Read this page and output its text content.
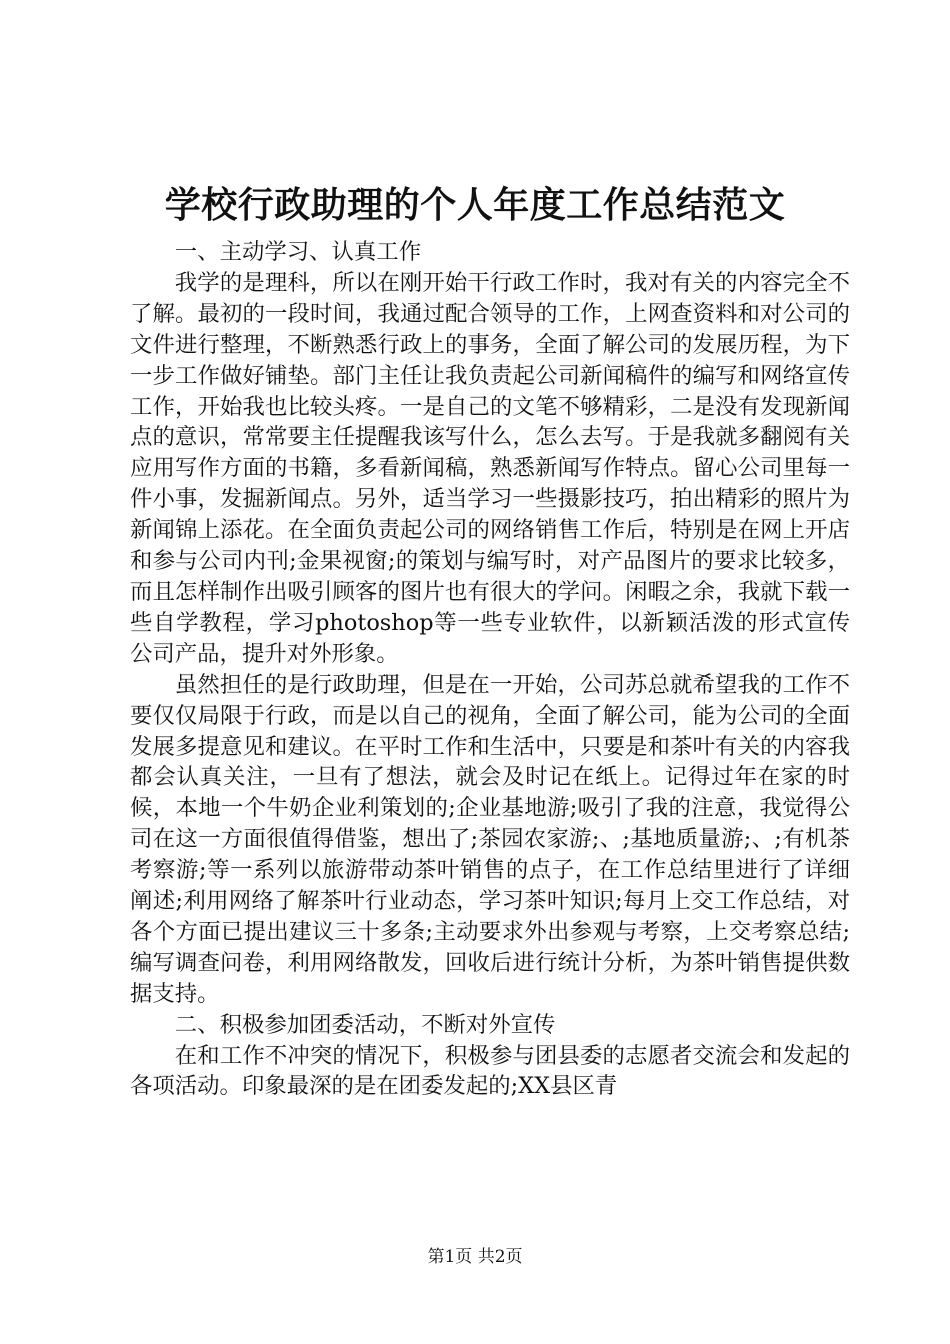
学校行政助理的个人年度工作总结范文

一、主动学习、认真工作

我学的是理科，所以在刚开始干行政工作时，我对有关的内容完全不了解。最初的一段时间，我通过配合领导的工作，上网查资料和对公司的文件进行整理，不断熟悉行政上的事务，全面了解公司的发展历程，为下一步工作做好铺垫。部门主任让我负责起公司新闻稿件的编写和网络宣传工作，开始我也比较头疼。一是自己的文笔不够精彩，二是没有发现新闻点的意识，常常要主任提醒我该写什么，怎么去写。于是我就多翻阅有关应用写作方面的书籍，多看新闻稿，熟悉新闻写作特点。留心公司里每一件小事，发掘新闻点。另外，适当学习一些摄影技巧，拍出精彩的照片为新闻锦上添花。在全面负责起公司的网络销售工作后，特别是在网上开店和参与公司内刊;金果视窗;的策划与编写时，对产品图片的要求比较多，而且怎样制作出吸引顾客的图片也有很大的学问。闲暇之余，我就下载一些自学教程，学习photoshop等一些专业软件，以新颖活泼的形式宣传公司产品，提升对外形象。

虽然担任的是行政助理，但是在一开始，公司苏总就希望我的工作不要仅仅局限于行政，而是以自己的视角，全面了解公司，能为公司的全面发展多提意见和建议。在平时工作和生活中，只要是和茶叶有关的内容我都会认真关注，一旦有了想法，就会及时记在纸上。记得过年在家的时候，本地一个牛奶企业利策划的;企业基地游;吸引了我的注意，我觉得公司在这一方面很值得借鉴，想出了;茶园农家游;、;基地质量游;、;有机茶考察游;等一系列以旅游带动茶叶销售的点子，在工作总结里进行了详细阐述;利用网络了解茶叶行业动态，学习茶叶知识;每月上交工作总结，对各个方面已提出建议三十多条;主动要求外出参观与考察，上交考察总结;编写调查问卷，利用网络散发，回收后进行统计分析，为茶叶销售提供数据支持。

二、积极参加团委活动，不断对外宣传

在和工作不冲突的情况下，积极参与团县委的志愿者交流会和发起的各项活动。印象最深的是在团委发起的;XX县区青

第1页 共2页
